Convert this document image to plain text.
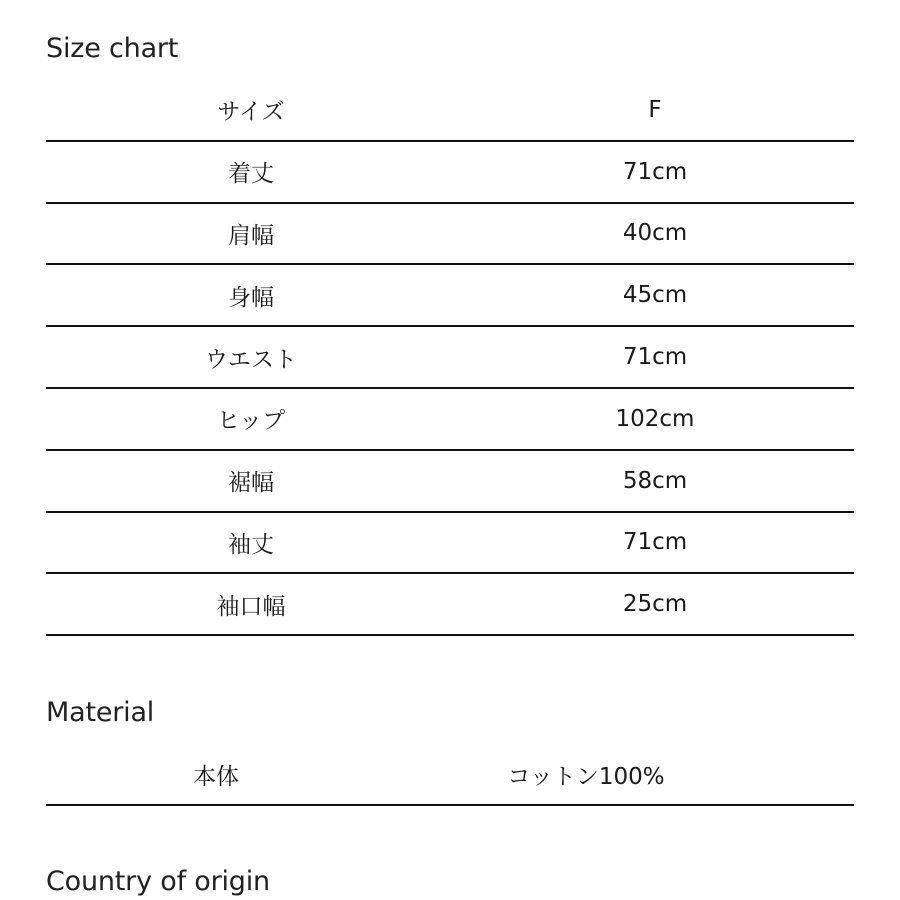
Size chart
サイズ	F
着丈	71cm
肩幅	40cm
身幅	45cm
ウエスト	71cm
ヒップ	102cm
裾幅	58cm
袖丈	71cm
袖口幅	25cm
Material
本体	コットン100%
Country of origin
